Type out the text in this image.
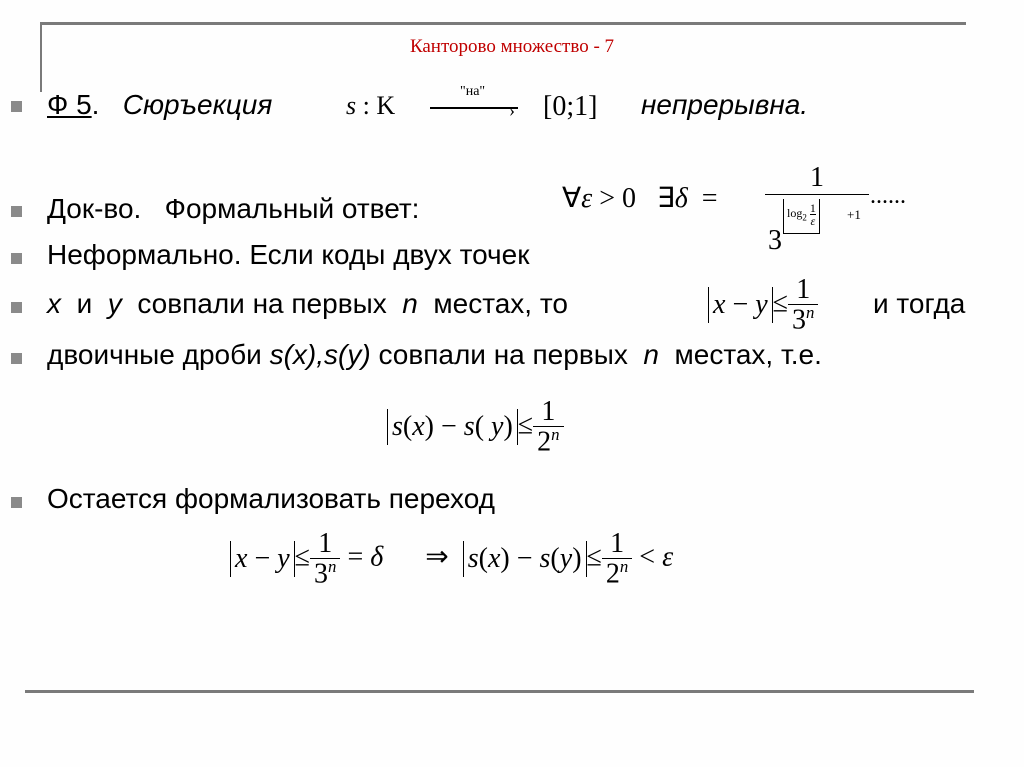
Канторово множество - 7
Ф 5. Сюръекция	s : K	"на"
› [0;1] непрерывна.
Док-во.   Формальный ответ:	∀ε > 0   ∃δ  =
1
3
$\log_2 \frac{1}{\varepsilon} +1$
......
Неформально. Если коды двух точек
x и y совпали на первых n местах, то	$x - y \le \frac{1}{3^n}$ и тогда
двоичные дроби s(x),s(y) совпали на первых n местах, т.е.
s(x) − s( $y) \le \frac{1}{2^n}$
Остается формализовать переход
$x - y \le \frac{1}{3^n} = \delta$ ⇒ $s(x) - s(y) \le \frac{1}{2^n} < \varepsilon$
